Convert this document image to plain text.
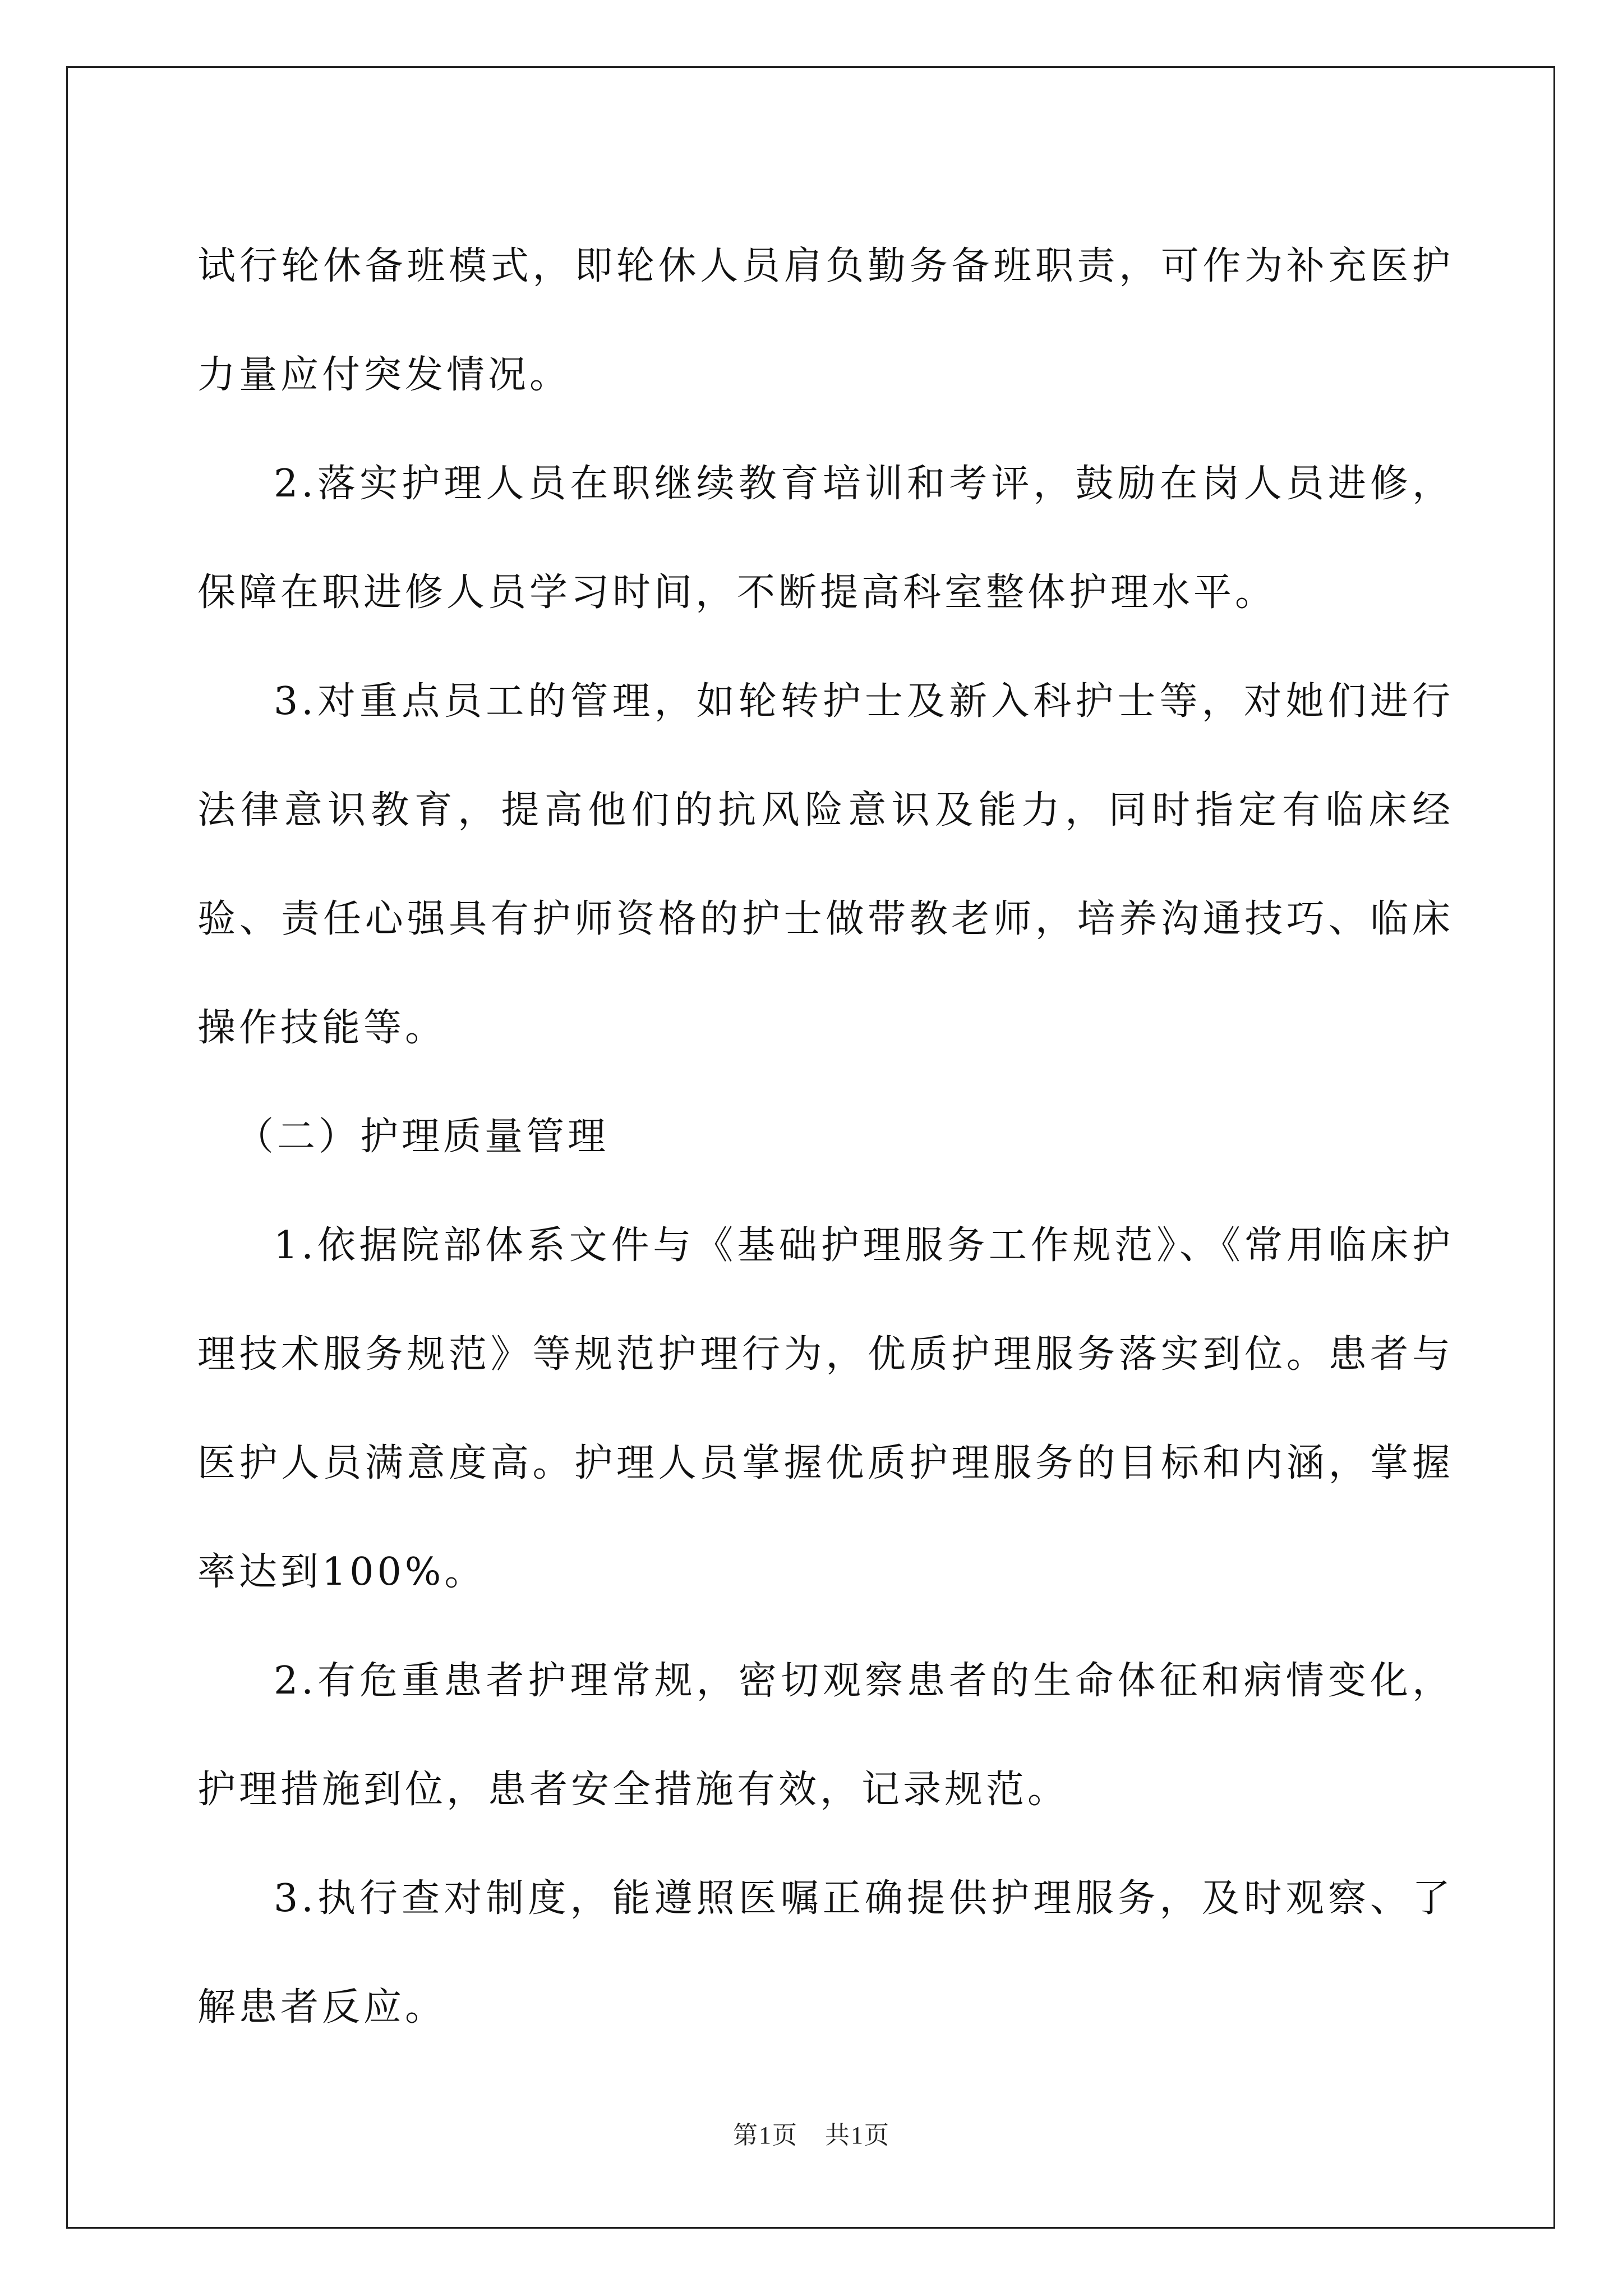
试行轮休备班模式，即轮休人员肩负勤务备班职责，可作为补充医护力量应付突发情况。

2.落实护理人员在职继续教育培训和考评，鼓励在岗人员进修，保障在职进修人员学习时间，不断提高科室整体护理水平。

3.对重点员工的管理，如轮转护士及新入科护士等，对她们进行法律意识教育，提高他们的抗风险意识及能力，同时指定有临床经验、责任心强具有护师资格的护士做带教老师，培养沟通技巧、临床操作技能等。

（二）护理质量管理

1.依据院部体系文件与《基础护理服务工作规范》、《常用临床护理技术服务规范》等规范护理行为，优质护理服务落实到位。患者与医护人员满意度高。护理人员掌握优质护理服务的目标和内涵，掌握率达到100%。

2.有危重患者护理常规，密切观察患者的生命体征和病情变化，护理措施到位，患者安全措施有效，记录规范。

3.执行查对制度，能遵照医嘱正确提供护理服务，及时观察、了解患者反应。

第1页 共1页
